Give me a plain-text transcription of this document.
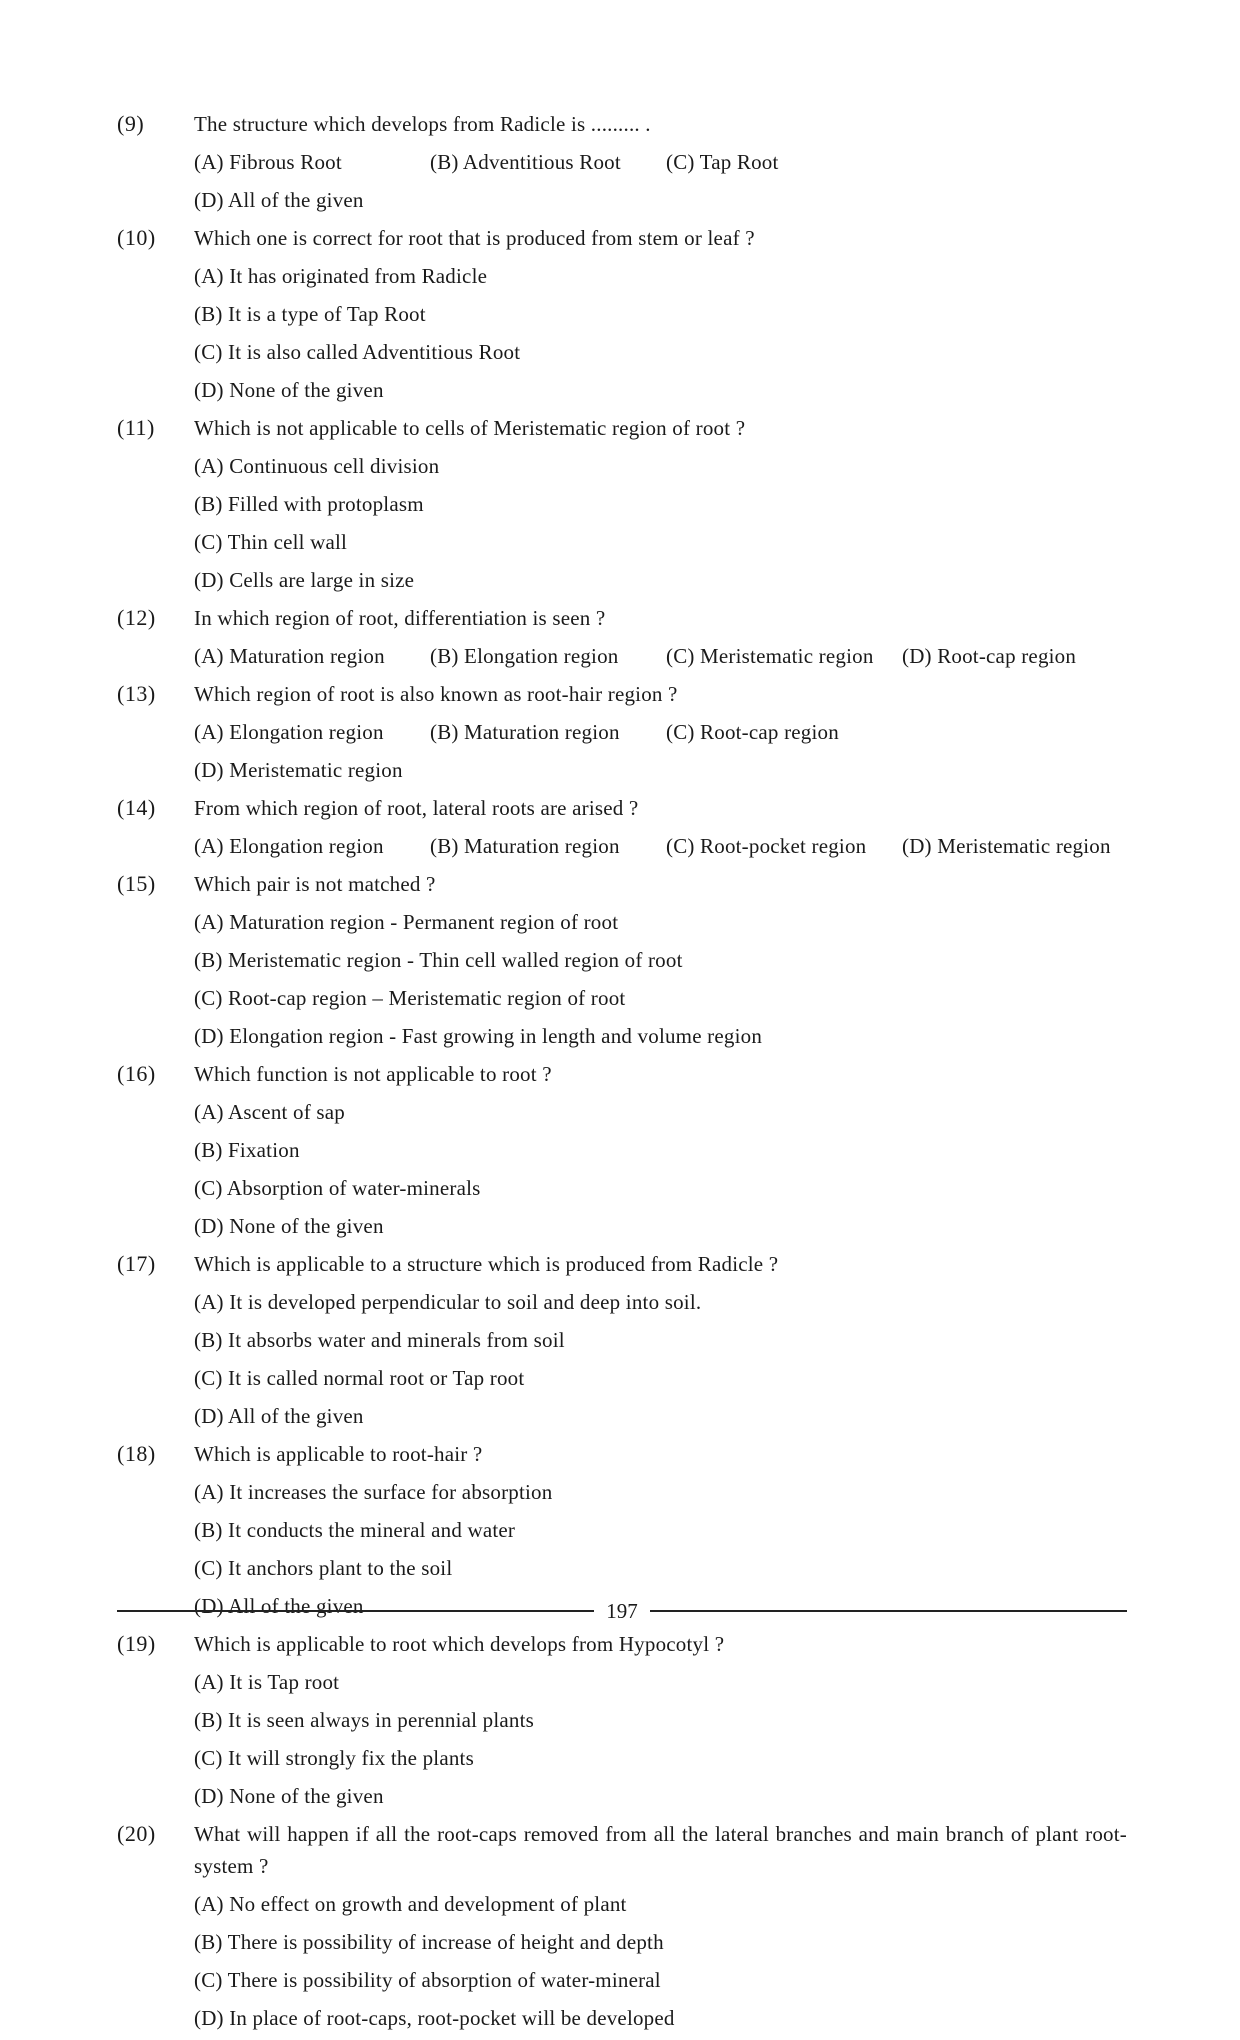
(9)	The structure which develops from Radicle is ......... .
(A) Fibrous Root	(B) Adventitious Root	(C) Tap Root
(D) All of the given
(10)	Which one is correct for root that is produced from stem or leaf ?
(A) It has originated from Radicle
(B) It is a type of Tap Root
(C) It is also called Adventitious Root
(D) None of the given
(11)	Which is not applicable to cells of Meristematic region of root ?
(A) Continuous cell division
(B) Filled with protoplasm
(C) Thin cell wall
(D) Cells are large in size
(12)	In which region of root, differentiation is seen ?
(A) Maturation region	(B) Elongation region	(C) Meristematic region	(D) Root-cap region
(13)	Which region of root is also known as root-hair region ?
(A) Elongation region	(B) Maturation region	(C) Root-cap region
(D) Meristematic region
(14)	From which region of root, lateral roots are arised ?
(A) Elongation region	(B) Maturation region	(C) Root-pocket region	(D) Meristematic region
(15)	Which pair is not matched ?
(A) Maturation region - Permanent region of root
(B) Meristematic region - Thin cell walled region of root
(C) Root-cap region – Meristematic region of root
(D) Elongation region - Fast growing in length and volume region
(16)	Which function is not applicable to root ?
(A) Ascent of sap
(B) Fixation
(C) Absorption of water-minerals
(D) None of the given
(17)	Which is applicable to a structure which is produced from Radicle ?
(A) It is developed perpendicular to soil and deep into soil.
(B) It absorbs water and minerals from soil
(C) It is called normal root or Tap root
(D) All of the given
(18)	Which is applicable to root-hair ?
(A) It increases the surface for absorption
(B) It conducts the mineral and water
(C) It anchors plant to the soil
(D) All of the given
(19)	Which is applicable to root which develops from Hypocotyl ?
(A) It is Tap root
(B) It is seen always in perennial plants
(C) It will strongly fix the plants
(D) None of the given
(20)	What will happen if all the root-caps removed from all the lateral branches and main branch of plant root-system ?
(A) No effect on growth and development of plant
(B) There is possibility of increase of height and depth
(C) There is possibility of absorption of water-mineral
(D) In place of root-caps, root-pocket will be developed
197
